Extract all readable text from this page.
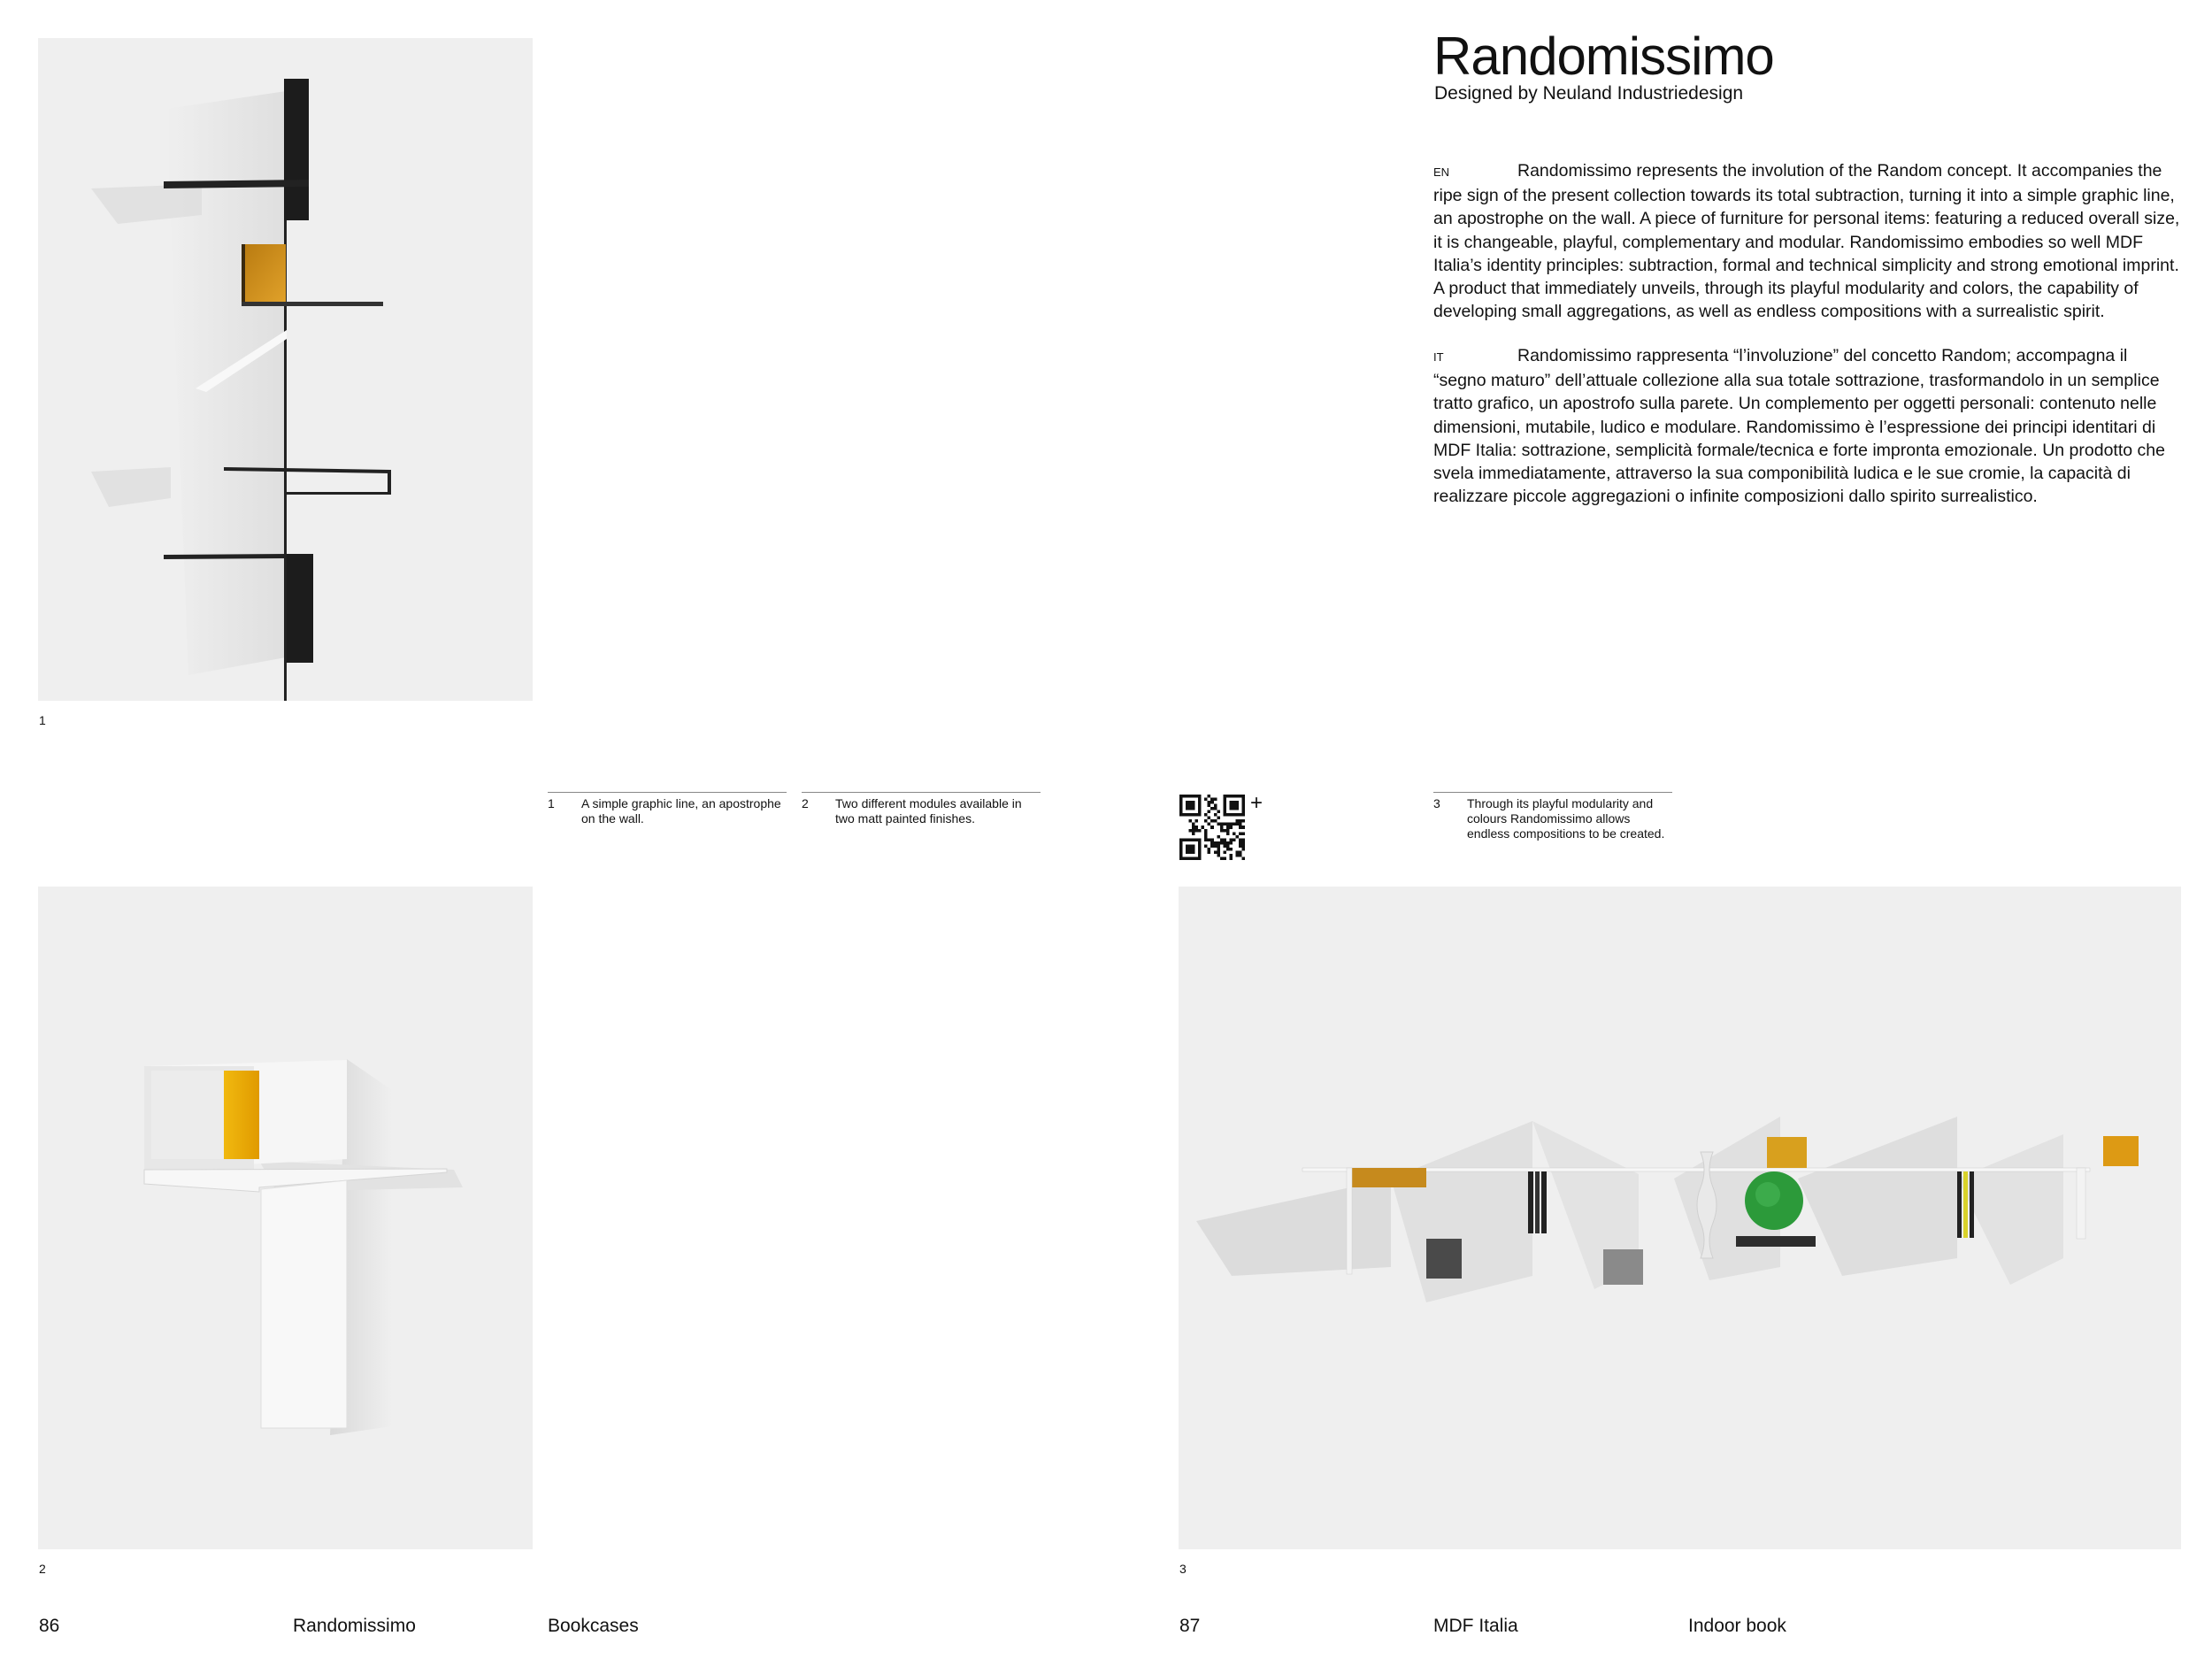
1
2	3
Randomissimo
Designed by Neuland Industriedesign
EN	Randomissimo represents the involution of the Random concept. It accompanies the ripe sign of the present collection towards its total subtraction, turning it into a simple graphic line, an apostrophe on the wall. A piece of furniture for personal items: featuring a reduced overall size, it is changeable, playful, complementary and modular. Randomissimo embodies so well MDF Italia’s identity principles: subtraction, formal and technical simplicity and strong emotional imprint. A product that immediately unveils, through its playful modularity and colors, the capability of developing small aggregations, as well as endless compositions with a surrealistic spirit.
IT	Randomissimo rappresenta “l’involuzione” del concetto Random; accompagna il “segno maturo” dell’attuale collezione alla sua totale sottrazione, trasformandolo in un semplice tratto grafico, un apostrofo sulla parete. Un complemento per oggetti personali: contenuto nelle dimensioni, mutabile, ludico e modulare. Randomissimo è l’espressione dei principi identitari di MDF Italia: sottrazione, semplicità formale/tecnica e forte impronta emozionale. Un prodotto che svela immediatamente, attraverso la sua componibilità ludica e le sue cromie, la capacità di realizzare piccole aggregazioni o infinite composizioni dallo spirito surrealistico.
1 A simple graphic line, an apostrophe on the wall.
2 Two different modules available in two matt painted finishes.
3 Through its playful modularity and colours Randomissimo allows endless compositions to be created.
+
86	Randomissimo	Bookcases	87	MDF Italia	Indoor book
